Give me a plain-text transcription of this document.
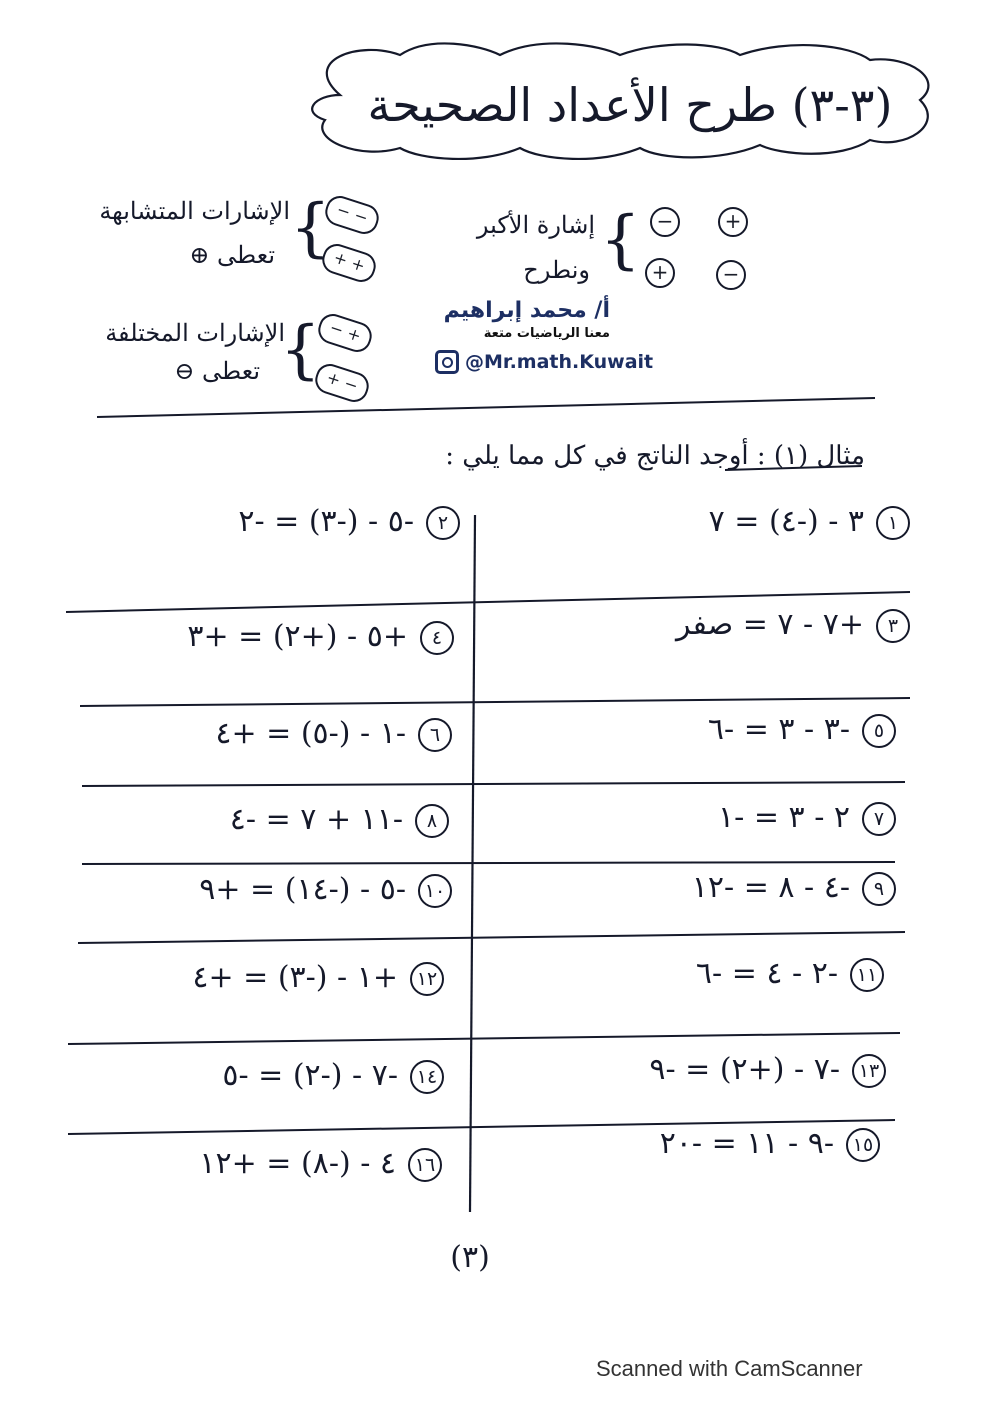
(٣-٣) طرح الأعداد الصحيحة
−	+
+	−
}
إشارة الأكبر
ونطرح
− −
+ +
}
الإشارات المتشابهة
تعطى ⊕
− +
+ −
}
الإشارات المختلفة
تعطى ⊖
أ/ محمد إبراهيم
معنا الرياضيات متعة
@Mr.math.Kuwait
مثال (١) : أوجد الناتج في كل مما يلي :
١٣ - (-٤) = ٧
٢-٥ - (-٣) = -٢
٣+٧ - ٧ = صفر
٤+٥ - (+٢) = +٣
٥-٣ - ٣ = -٦
٦-١ - (-٥) = +٤
٧٢ - ٣ = -١
٨-١١ + ٧ = -٤
٩-٤ - ٨ = -١٢
١٠-٥ - (-١٤) = +٩
١١-٢ - ٤ = -٦
١٢+١ - (-٣) = +٤
١٣-٧ - (+٢) = -٩
١٤-٧ - (-٢) = -٥
١٥-٩ - ١١ = -٢٠
١٦٤ - (-٨) = +١٢
(٣)
Scanned with CamScanner
